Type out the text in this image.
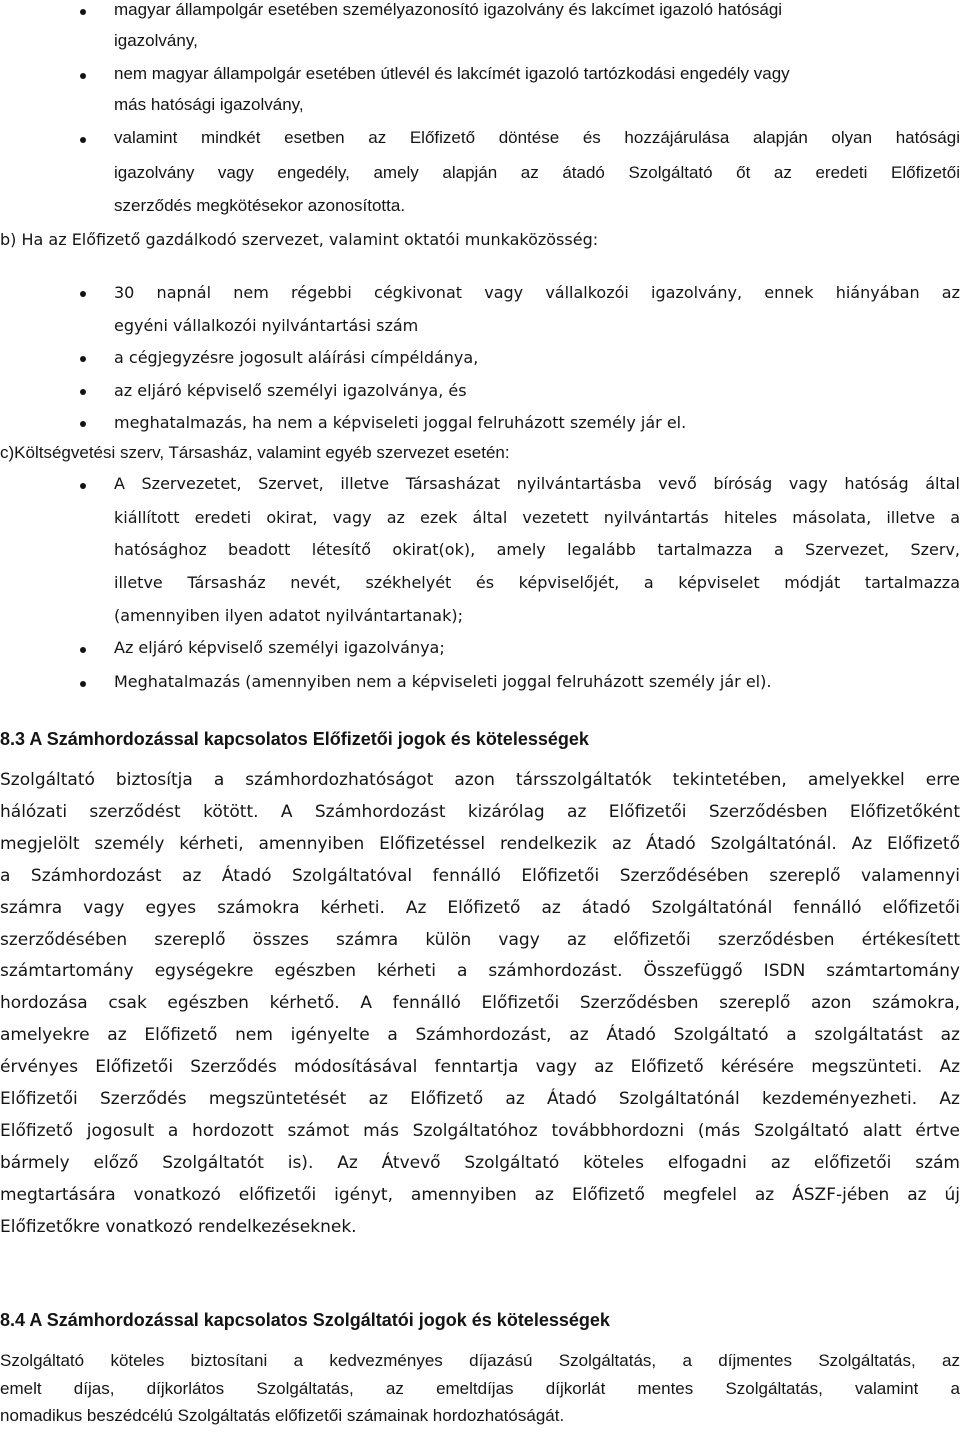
magyar állampolgár esetében személyazonosító igazolvány és lakcímet igazoló hatósági
igazolvány,
nem magyar állampolgár esetében útlevél és lakcímét igazoló tartózkodási engedély vagy
más hatósági igazolvány,
valamint mindkét esetben az Előfizető döntése és hozzájárulása alapján olyan hatósági
igazolvány vagy engedély, amely alapján az átadó Szolgáltató őt az eredeti Előfizetői
szerződés megkötésekor azonosította.
b) Ha az Előfizető gazdálkodó szervezet, valamint oktatói munkaközösség:
30 napnál nem régebbi cégkivonat vagy vállalkozói igazolvány, ennek hiányában az
egyéni vállalkozói nyilvántartási szám
a cégjegyzésre jogosult aláírási címpéldánya,
az eljáró képviselő személyi igazolványa, és
meghatalmazás, ha nem a képviseleti joggal felruházott személy jár el.
c)Költségvetési szerv, Társasház, valamint egyéb szervezet esetén:
A Szervezetet, Szervet, illetve Társasházat nyilvántartásba vevő bíróság vagy hatóság által
kiállított eredeti okirat, vagy az ezek által vezetett nyilvántartás hiteles másolata, illetve a
hatósághoz beadott létesítő okirat(ok), amely legalább tartalmazza a Szervezet, Szerv,
illetve Társasház nevét, székhelyét és képviselőjét, a képviselet módját tartalmazza
(amennyiben ilyen adatot nyilvántartanak);
Az eljáró képviselő személyi igazolványa;
Meghatalmazás (amennyiben nem a képviseleti joggal felruházott személy jár el).
8.3 A Számhordozással kapcsolatos Előfizetői jogok és kötelességek
Szolgáltató biztosítja a számhordozhatóságot azon társszolgáltatók tekintetében, amelyekkel erre
hálózati szerződést kötött. A Számhordozást kizárólag az Előfizetői Szerződésben Előfizetőként
megjelölt személy kérheti, amennyiben Előfizetéssel rendelkezik az Átadó Szolgáltatónál. Az Előfizető
a Számhordozást az Átadó Szolgáltatóval fennálló Előfizetői Szerződésében szereplő valamennyi
számra vagy egyes számokra kérheti. Az Előfizető az átadó Szolgáltatónál fennálló előfizetői
szerződésében szereplő összes számra külön vagy az előfizetői szerződésben értékesített
számtartomány egységekre egészben kérheti a számhordozást. Összefüggő ISDN számtartomány
hordozása csak egészben kérhető. A fennálló Előfizetői Szerződésben szereplő azon számokra,
amelyekre az Előfizető nem igényelte a Számhordozást, az Átadó Szolgáltató a szolgáltatást az
érvényes Előfizetői Szerződés módosításával fenntartja vagy az Előfizető kérésére megszünteti. Az
Előfizetői Szerződés megszüntetését az Előfizető az Átadó Szolgáltatónál kezdeményezheti. Az
Előfizető jogosult a hordozott számot más Szolgáltatóhoz továbbhordozni (más Szolgáltató alatt értve
bármely előző Szolgáltatót is). Az Átvevő Szolgáltató köteles elfogadni az előfizetői szám
megtartására vonatkozó előfizetői igényt, amennyiben az Előfizető megfelel az ÁSZF-jében az új
Előfizetőkre vonatkozó rendelkezéseknek.
8.4 A Számhordozással kapcsolatos Szolgáltatói jogok és kötelességek
Szolgáltató köteles biztosítani a kedvezményes díjazású Szolgáltatás, a díjmentes Szolgáltatás, az
emelt díjas, díjkorlátos Szolgáltatás, az emeltdíjas díjkorlát mentes Szolgáltatás, valamint a
nomadikus beszédcélú Szolgáltatás előfizetői számainak hordozhatóságát.
